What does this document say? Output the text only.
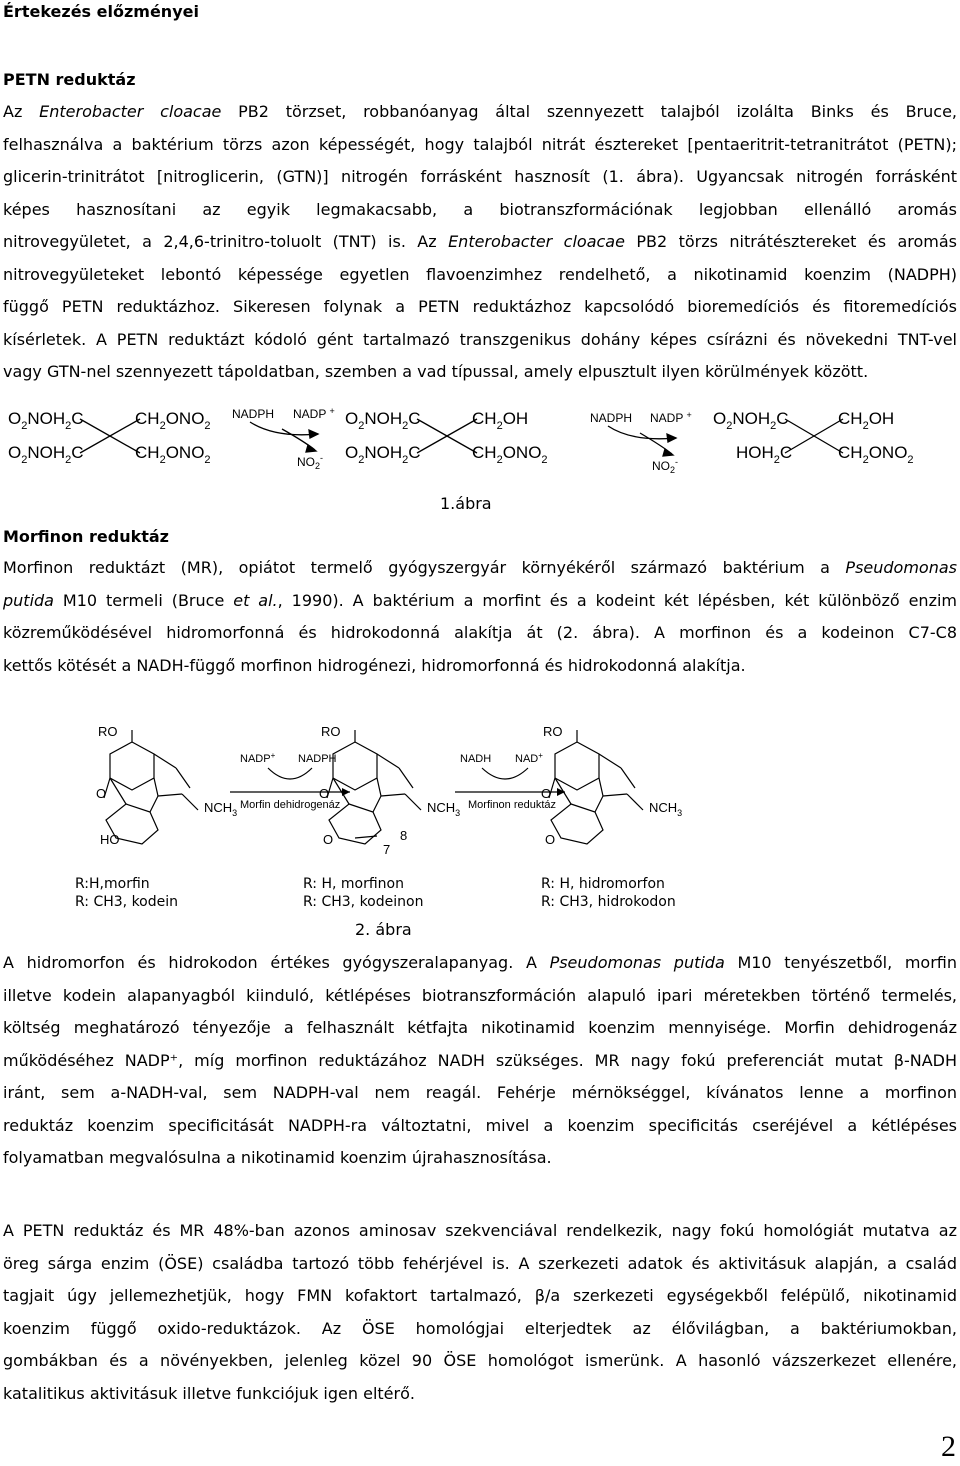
Értekezés előzményei
PETN reduktáz
Az Enterobacter cloacae PB2 törzset, robbanóanyag által szennyezett talajból izolálta Binks és Bruce,
felhasználva a baktérium törzs azon képességét, hogy talajból nitrát észtereket [pentaeritrit-tetranitrátot (PETN);
glicerin-trinitrátot [nitroglicerin, (GTN)] nitrogén forrásként hasznosít (1. ábra). Ugyancsak nitrogén forrásként
képes hasznosítani az egyik legmakacsabb, a biotranszformációnak legjobban ellenálló aromás
nitrovegyületet, a 2,4,6-trinitro-toluolt (TNT) is. Az Enterobacter cloacae PB2 törzs nitrátésztereket és aromás
nitrovegyületeket lebontó képessége egyetlen flavoenzimhez rendelhető, a nikotinamid koenzim (NADPH)
függő PETN reduktázhoz. Sikeresen folynak a PETN reduktázhoz kapcsolódó bioremedíciós és fitoremedíciós
kísérletek. A PETN reduktázt kódoló gént tartalmazó transzgenikus dohány képes csírázni és növekedni TNT-vel
vagy GTN-nel szennyezett tápoldatban, szemben a vad típussal, amely elpusztult ilyen körülmények között.
$O_2NOH_2C$	$CH_2ONO_2$
$O_2NOH_2C$	$CH_2ONO_2$
$O_2NOH_2C$	$CH_2OH$
$O_2NOH_2C$	$CH_2ONO_2$
$O_2NOH_2C$	$CH_2OH$
$HOH_2C$	$CH_2ONO_2$
NADPH NADP +
$NO_2^-$
NADPH NADP +
$NO_2^-$
1.ábra
Morfinon reduktáz
Morfinon reduktázt (MR), opiátot termelő gyógyszergyár környékéről származó baktérium a Pseudomonas
putida M10 termeli (Bruce et al., 1990). A baktérium a morfint és a kodeint két lépésben, két különböző enzim
közreműködésével hidromorfonná és hidrokodonná alakítja át (2. ábra). A morfinon és a kodeinon C7-C8
kettős kötését a NADH-függő morfinon hidrogénezi, hidromorfonná és hidrokodonná alakítja.
RO
O
HO
$NCH_3$
NADP+ NADPH
Morfin dehidrogenáz
RO
O
O
$NCH_3$
8
7
NADH NAD+
Morfinon reduktáz
RO
O
O
$NCH_3$
R:H,morfin
R: CH3, kodein
R: H, morfinon
R: CH3, kodeinon
R: H, hidromorfon
R: CH3, hidrokodon
2. ábra
A hidromorfon és hidrokodon értékes gyógyszeralapanyag. A Pseudomonas putida M10 tenyészetből, morfin
illetve kodein alapanyagból kiinduló, kétlépéses biotranszformáción alapuló ipari méretekben történő termelés,
költség meghatározó tényezője a felhasznált kétfajta nikotinamid koenzim mennyisége. Morfin dehidrogenáz
működéséhez NADP⁺, míg morfinon reduktázához NADH szükséges. MR nagy fokú preferenciát mutat β-NADH
iránt, sem a-NADH-val, sem NADPH-val nem reagál. Fehérje mérnökséggel, kívánatos lenne a morfinon
reduktáz koenzim specificitását NADPH-ra változtatni, mivel a koenzim specificitás cseréjével a kétlépéses
folyamatban megvalósulna a nikotinamid koenzim újrahasznosítása.
A PETN reduktáz és MR 48%-ban azonos aminosav szekvenciával rendelkezik, nagy fokú homológiát mutatva az
öreg sárga enzim (ÖSE) családba tartozó több fehérjével is. A szerkezeti adatok és aktivitásuk alapján, a család
tagjait úgy jellemezhetjük, hogy FMN kofaktort tartalmazó, β/a szerkezeti egységekből felépülő, nikotinamid
koenzim függő oxido-reduktázok. Az ÖSE homológjai elterjedtek az élővilágban, a baktériumokban,
gombákban és a növényekben, jelenleg közel 90 ÖSE homológot ismerünk. A hasonló vázszerkezet ellenére,
katalitikus aktivitásuk illetve funkciójuk igen eltérő.
2
